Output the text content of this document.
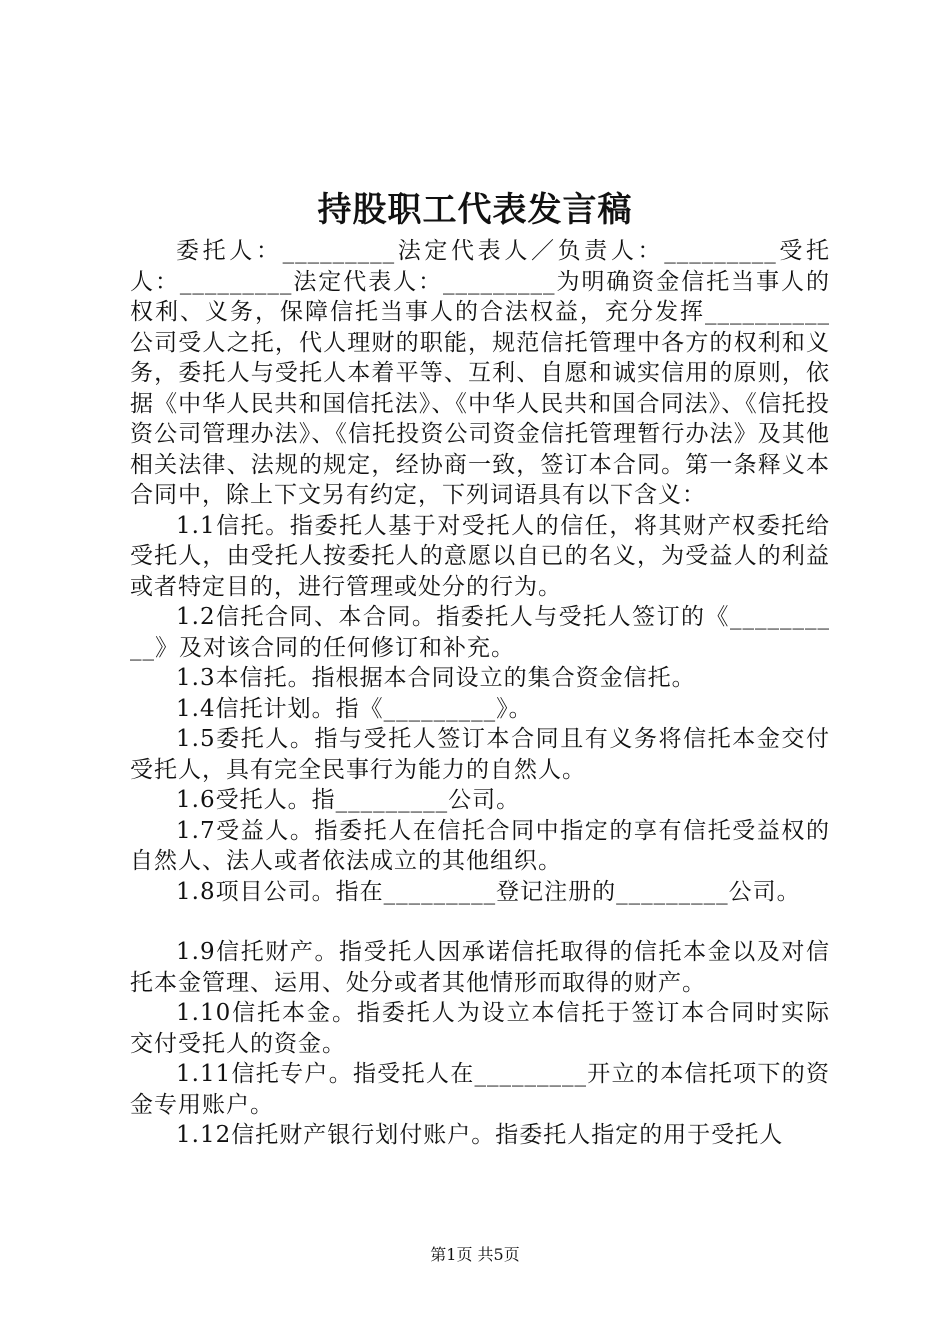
持股职工代表发言稿

委托人：_________法定代表人／负责人：_________受托人：_________法定代表人：_________为明确资金信托当事人的权利、义务，保障信托当事人的合法权益，充分发挥__________公司受人之托，代人理财的职能，规范信托管理中各方的权利和义务，委托人与受托人本着平等、互利、自愿和诚实信用的原则，依据《中华人民共和国信托法》、《中华人民共和国合同法》、《信托投资公司管理办法》、《信托投资公司资金信托管理暂行办法》及其他相关法律、法规的规定，经协商一致，签订本合同。第一条释义本合同中，除上下文另有约定，下列词语具有以下含义：

1.1信托。指委托人基于对受托人的信任，将其财产权委托给受托人，由受托人按委托人的意愿以自已的名义，为受益人的利益或者特定目的，进行管理或处分的行为。

1.2信托合同、本合同。指委托人与受托人签订的《__________》及对该合同的任何修订和补充。

1.3本信托。指根据本合同设立的集合资金信托。

1.4信托计划。指《_________》。

1.5委托人。指与受托人签订本合同且有义务将信托本金交付受托人，具有完全民事行为能力的自然人。

1.6受托人。指_________公司。

1.7受益人。指委托人在信托合同中指定的享有信托受益权的自然人、法人或者依法成立的其他组织。

1.8项目公司。指在_________登记注册的_________公司。

1.9信托财产。指受托人因承诺信托取得的信托本金以及对信托本金管理、运用、处分或者其他情形而取得的财产。

1.10信托本金。指委托人为设立本信托于签订本合同时实际交付受托人的资金。

1.11信托专户。指受托人在_________开立的本信托项下的资金专用账户。

1.12信托财产银行划付账户。指委托人指定的用于受托人

第1页 共5页
